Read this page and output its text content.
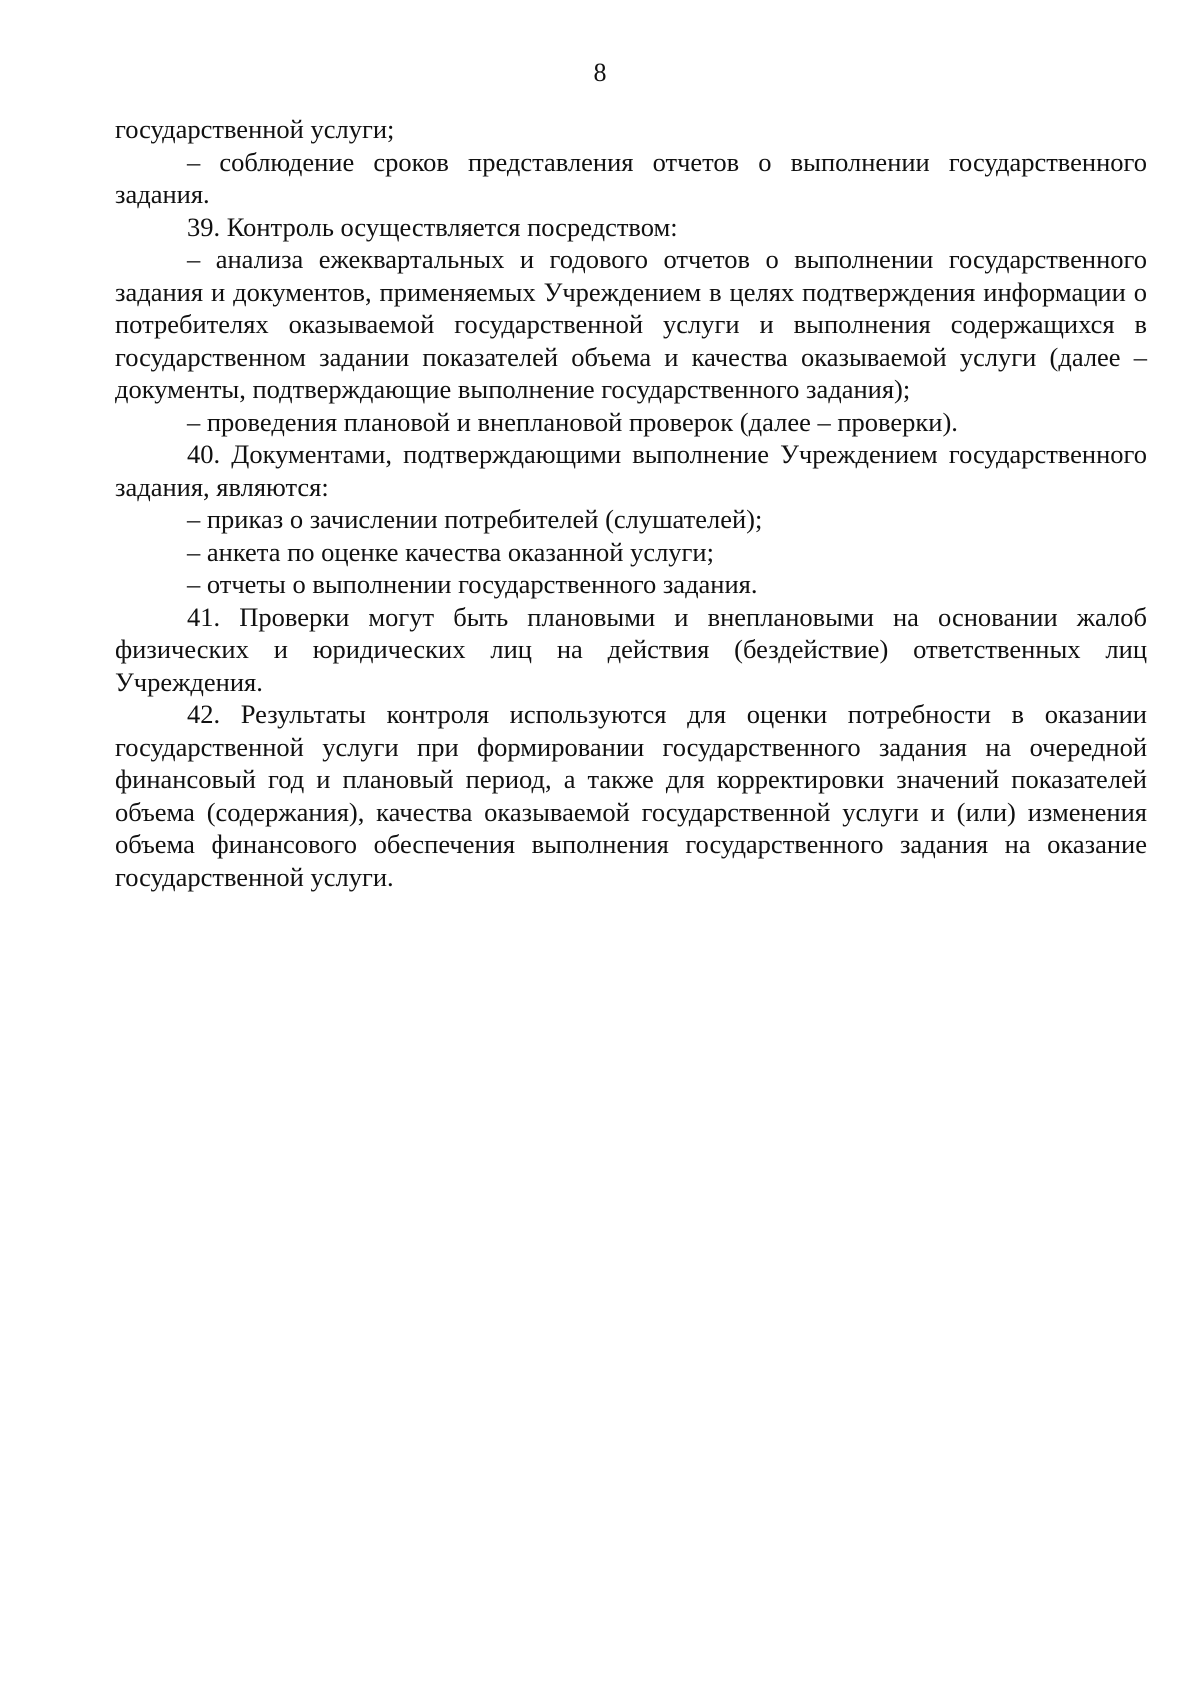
8

государственной услуги;

– соблюдение сроков представления отчетов о выполнении государственного задания.

39. Контроль осуществляется посредством:

– анализа ежеквартальных и годового отчетов о выполнении государственного задания и документов, применяемых Учреждением в целях подтверждения информации о потребителях оказываемой государственной услуги и выполнения содержащихся в государственном задании показателей объема и качества оказываемой услуги (далее – документы, подтверждающие выполнение государственного задания);

– проведения плановой и внеплановой проверок (далее – проверки).

40. Документами, подтверждающими выполнение Учреждением государственного задания, являются:

– приказ о зачислении потребителей (слушателей);

– анкета по оценке качества оказанной услуги;

– отчеты о выполнении государственного задания.

41. Проверки могут быть плановыми и внеплановыми на основании жалоб физических и юридических лиц на действия (бездействие) ответственных лиц Учреждения.

42. Результаты контроля используются для оценки потребности в оказании государственной услуги при формировании государственного задания на очередной финансовый год и плановый период, а также для корректировки значений показателей объема (содержания), качества оказываемой государственной услуги и (или) изменения объема финансового обеспечения выполнения государственного задания на оказание государственной услуги.
